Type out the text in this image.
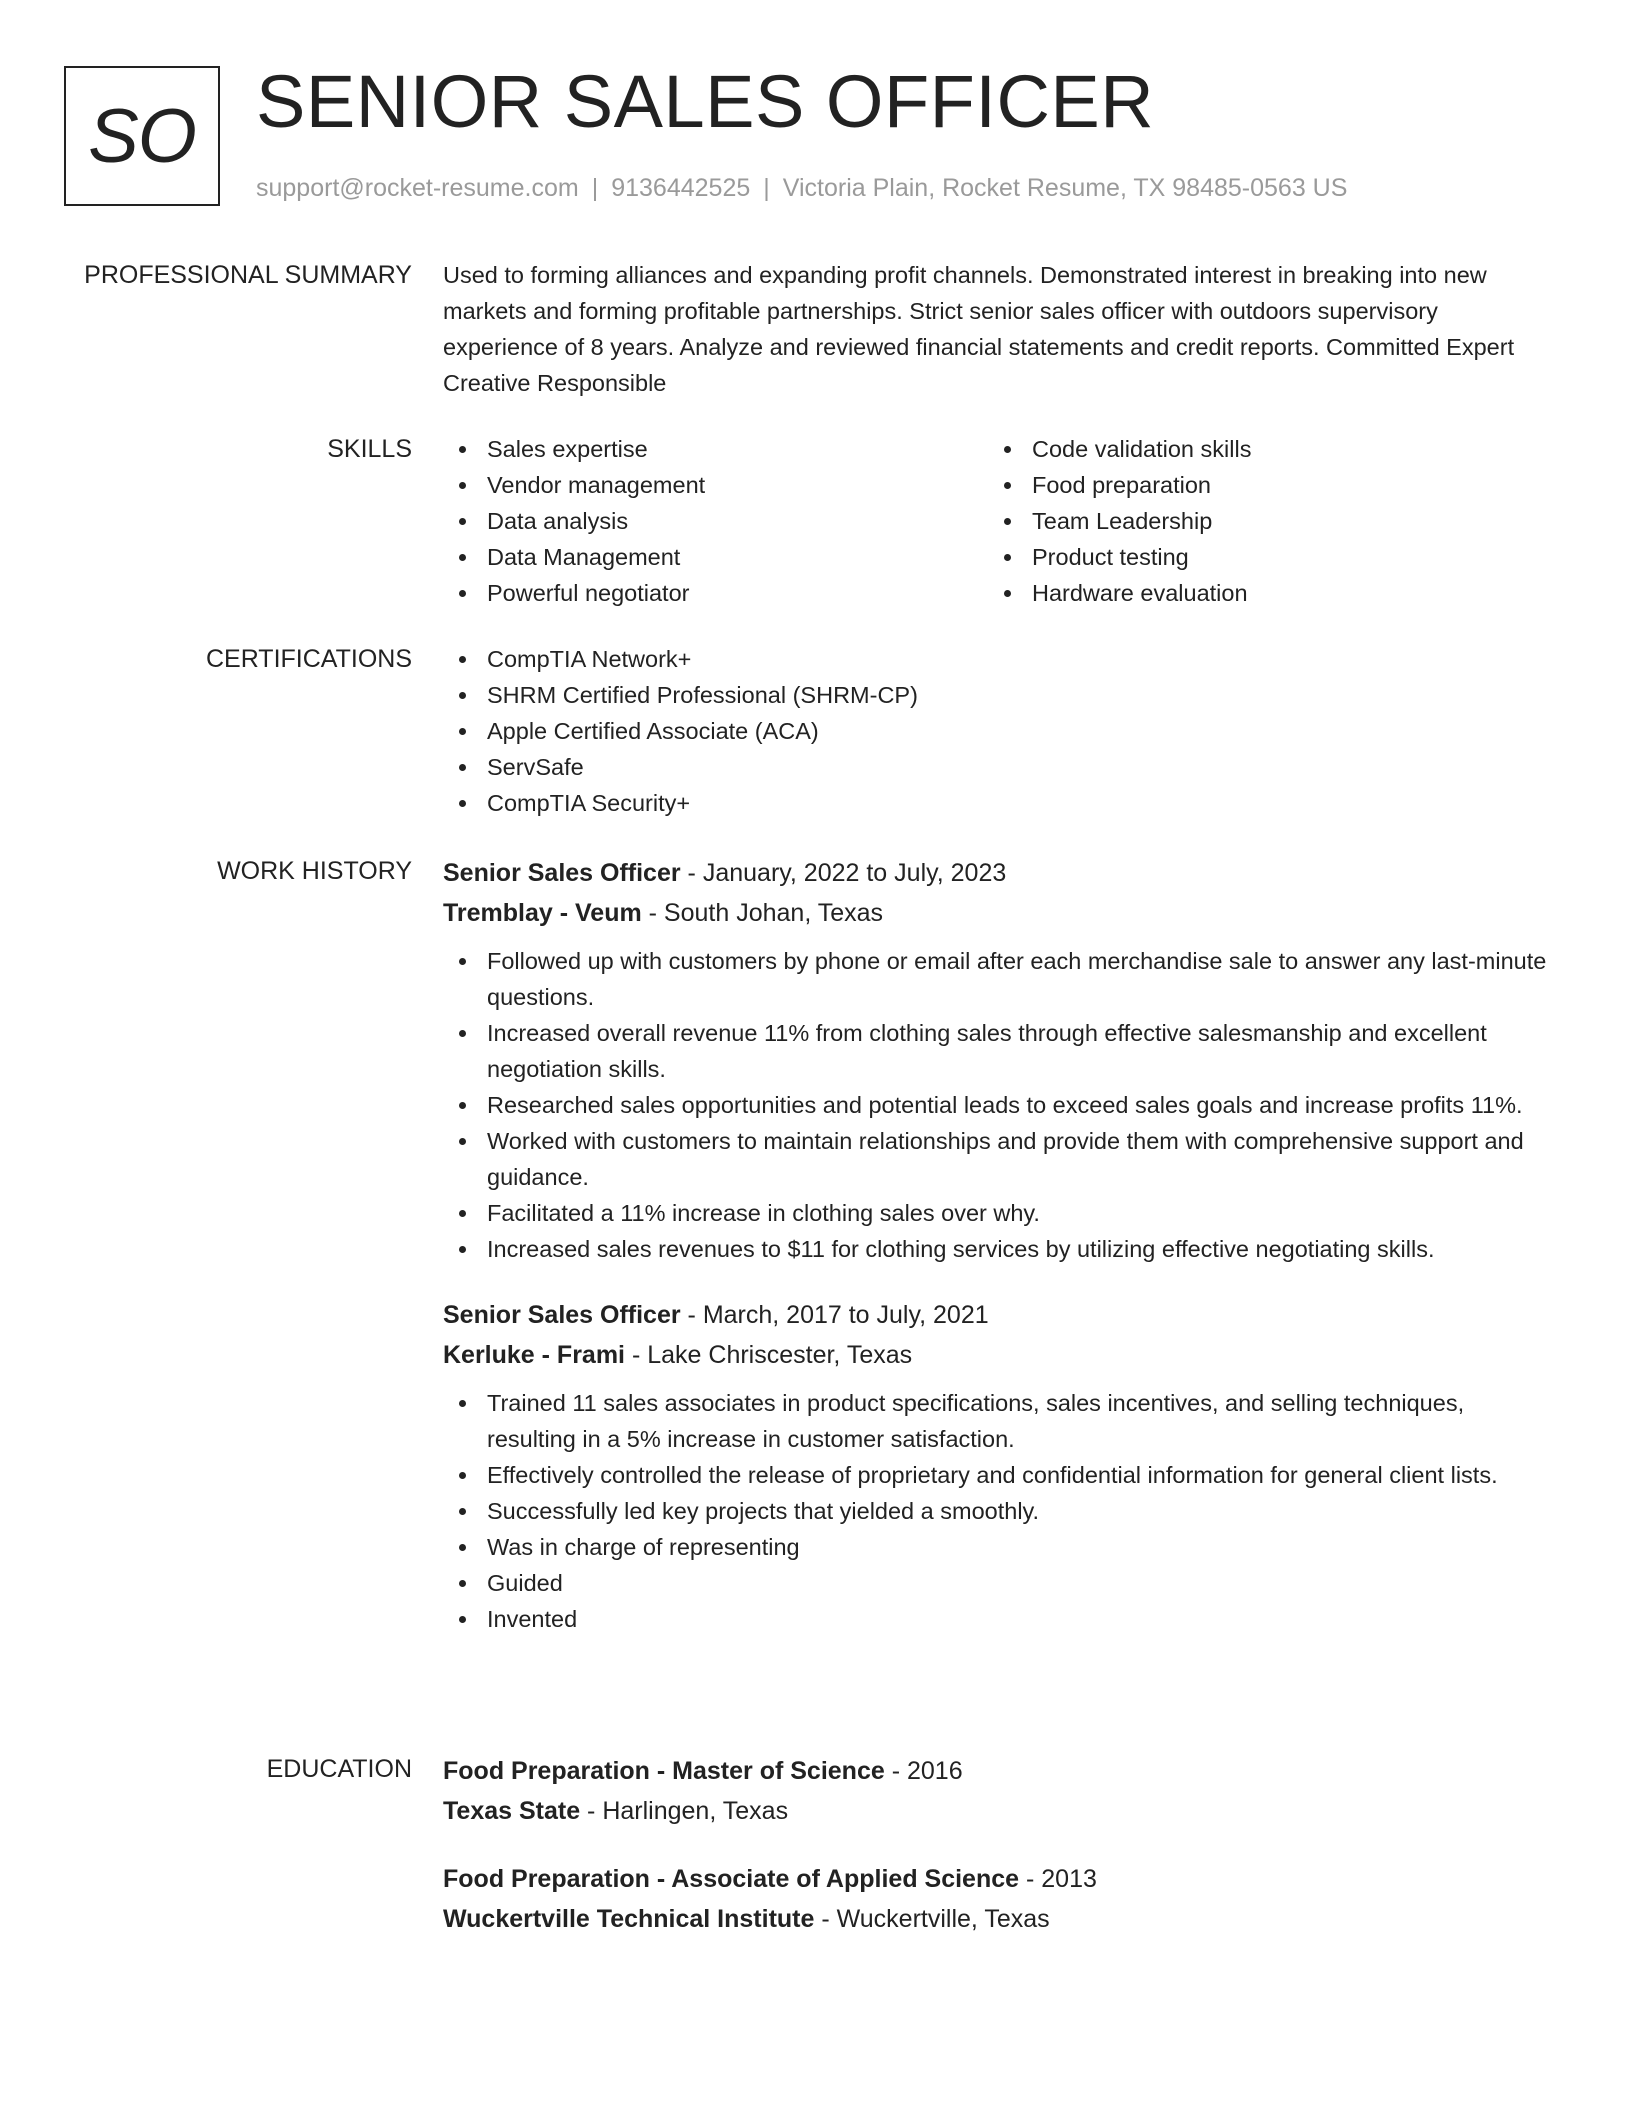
SO SENIOR SALES OFFICER
support@rocket-resume.com | 9136442525 | Victoria Plain, Rocket Resume, TX 98485-0563 US
PROFESSIONAL SUMMARY Used to forming alliances and expanding profit channels. Demonstrated interest in breaking into new markets and forming profitable partnerships. Strict senior sales officer with outdoors supervisory experience of 8 years. Analyze and reviewed financial statements and credit reports. Committed Expert Creative Responsible

SKILLS	Sales expertise
Vendor management
Data analysis
Data Management
Powerful negotiator
Code validation skills
Food preparation
Team Leadership
Product testing
Hardware evaluation
CERTIFICATIONS	CompTIA Network+
SHRM Certified Professional (SHRM-CP)
Apple Certified Associate (ACA)
ServSafe
CompTIA Security+
WORK HISTORY Senior Sales Officer - January, 2022 to July, 2023
Tremblay - Veum - South Johan, Texas
Followed up with customers by phone or email after each merchandise sale to answer any last-minute questions.
Increased overall revenue 11% from clothing sales through effective salesmanship and excellent negotiation skills.
Researched sales opportunities and potential leads to exceed sales goals and increase profits 11%.
Worked with customers to maintain relationships and provide them with comprehensive support and guidance.
Facilitated a 11% increase in clothing sales over why.
Increased sales revenues to $11 for clothing services by utilizing effective negotiating skills.
Senior Sales Officer - March, 2017 to July, 2021
Kerluke - Frami - Lake Chriscester, Texas
Trained 11 sales associates in product specifications, sales incentives, and selling techniques, resulting in a 5% increase in customer satisfaction.
Effectively controlled the release of proprietary and confidential information for general client lists.
Successfully led key projects that yielded a smoothly.
Was in charge of representing
Guided
Invented
EDUCATION Food Preparation - Master of Science - 2016
Texas State - Harlingen, Texas
Food Preparation - Associate of Applied Science - 2013
Wuckertville Technical Institute - Wuckertville, Texas
